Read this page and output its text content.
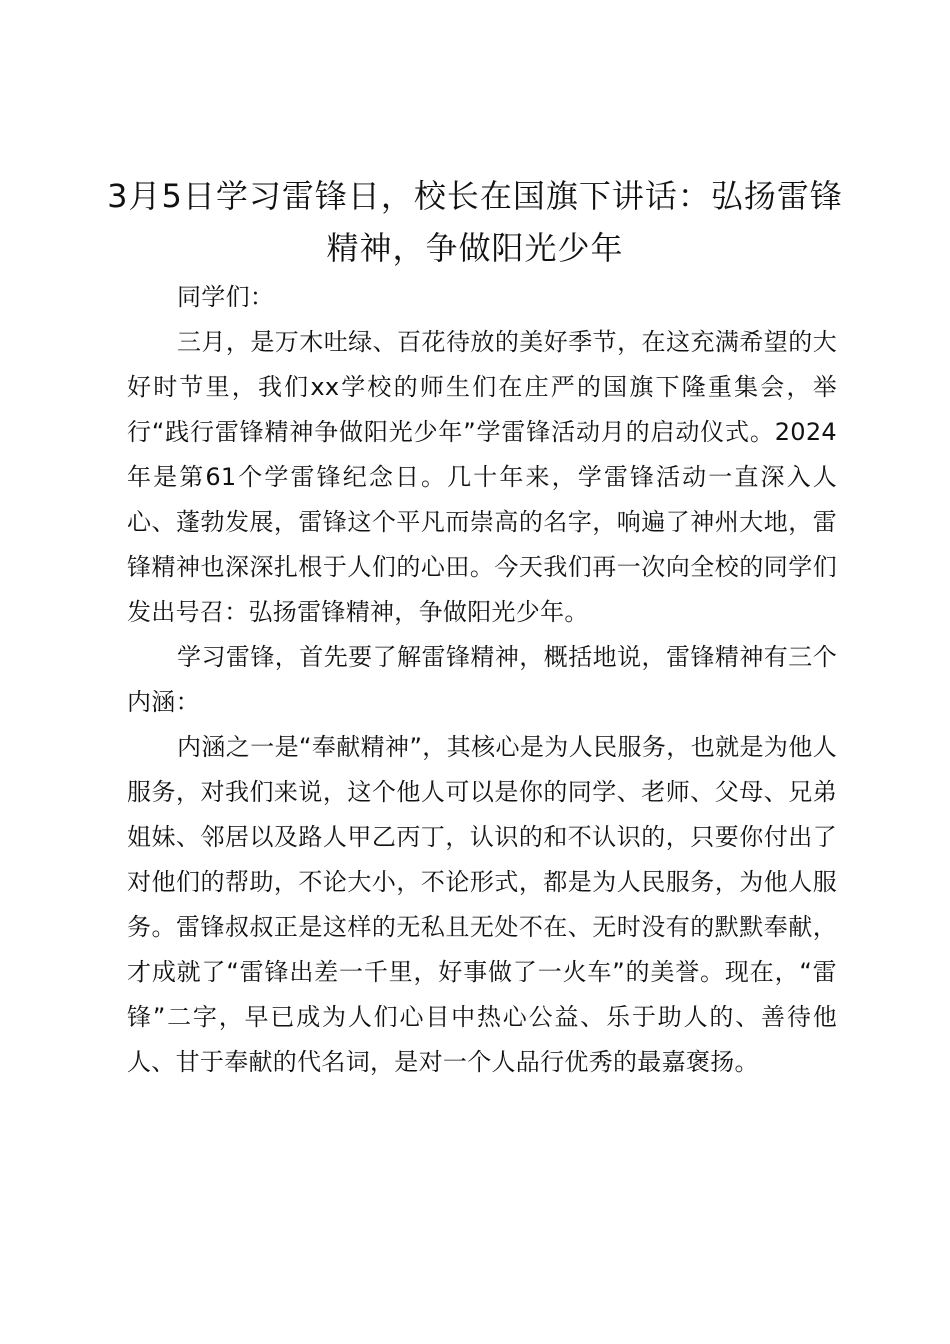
3月5日学习雷锋日，校长在国旗下讲话：弘扬雷锋精神，争做阳光少年

同学们：

三月，是万木吐绿、百花待放的美好季节，在这充满希望的大好时节里，我们xx学校的师生们在庄严的国旗下隆重集会，举行“践行雷锋精神争做阳光少年”学雷锋活动月的启动仪式。2024年是第61个学雷锋纪念日。几十年来，学雷锋活动一直深入人心、蓬勃发展，雷锋这个平凡而崇高的名字，响遍了神州大地，雷锋精神也深深扎根于人们的心田。今天我们再一次向全校的同学们发出号召：弘扬雷锋精神，争做阳光少年。

学习雷锋，首先要了解雷锋精神，概括地说，雷锋精神有三个内涵：

内涵之一是“奉献精神”，其核心是为人民服务，也就是为他人服务，对我们来说，这个他人可以是你的同学、老师、父母、兄弟姐妹、邻居以及路人甲乙丙丁，认识的和不认识的，只要你付出了对他们的帮助，不论大小，不论形式，都是为人民服务，为他人服务。雷锋叔叔正是这样的无私且无处不在、无时没有的默默奉献，才成就了“雷锋出差一千里，好事做了一火车”的美誉。现在，“雷锋”二字，早已成为人们心目中热心公益、乐于助人的、善待他人、甘于奉献的代名词，是对一个人品行优秀的最嘉褒扬。
